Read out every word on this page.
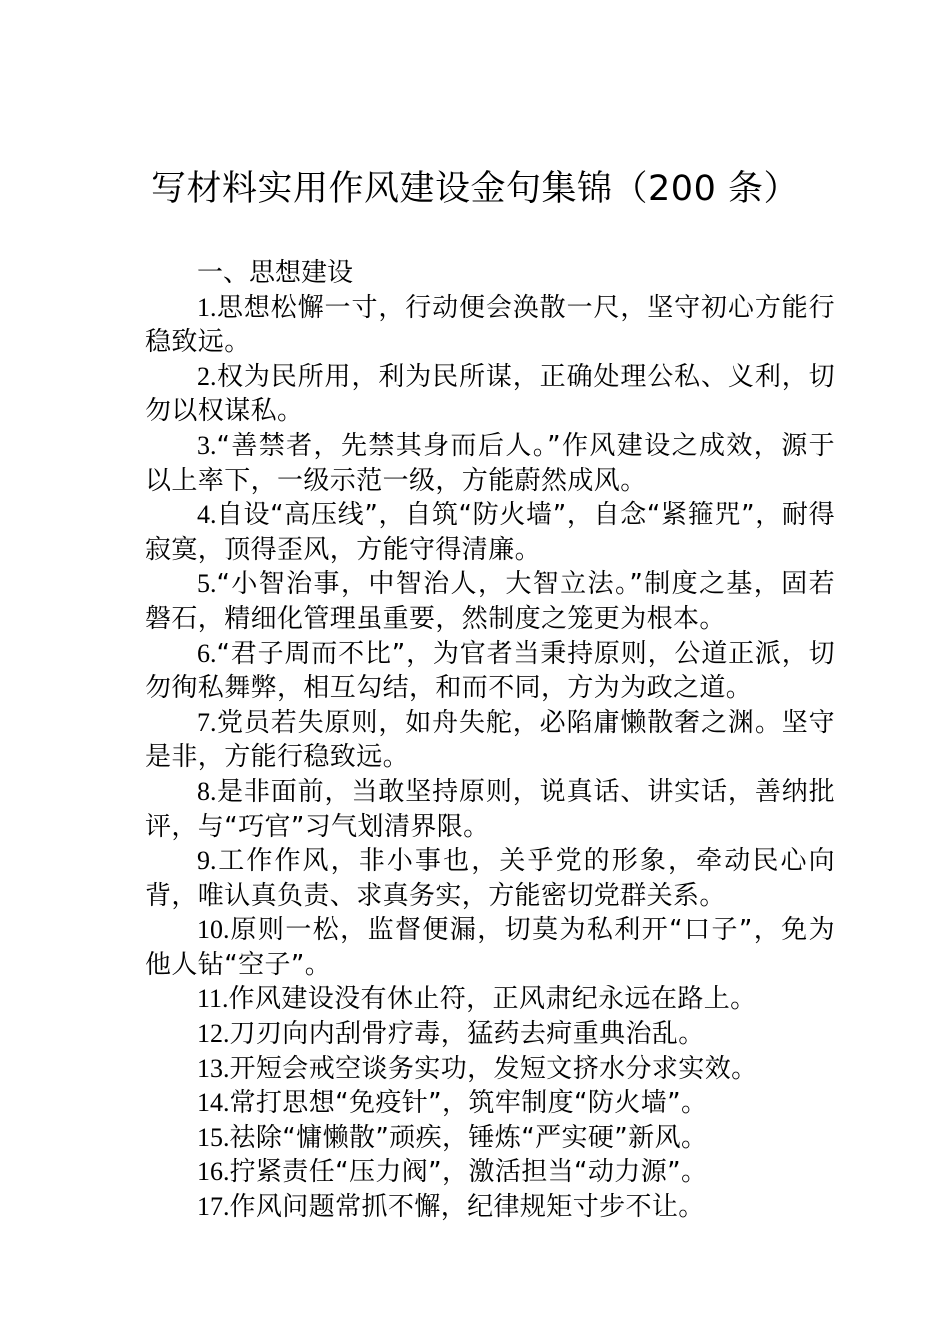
写材料实用作风建设金句集锦（200 条）

一、思想建设

1.思想松懈一寸，行动便会涣散一尺，坚守初心方能行稳致远。

2.权为民所用，利为民所谋，正确处理公私、义利，切勿以权谋私。

3.“善禁者，先禁其身而后人。”作风建设之成效，源于以上率下，一级示范一级，方能蔚然成风。

4.自设“高压线”，自筑“防火墙”，自念“紧箍咒”，耐得寂寞，顶得歪风，方能守得清廉。

5.“小智治事，中智治人，大智立法。”制度之基，固若磐石，精细化管理虽重要，然制度之笼更为根本。

6.“君子周而不比”，为官者当秉持原则，公道正派，切勿徇私舞弊，相互勾结，和而不同，方为为政之道。

7.党员若失原则，如舟失舵，必陷庸懒散奢之渊。坚守是非，方能行稳致远。

8.是非面前，当敢坚持原则，说真话、讲实话，善纳批评，与“巧官”习气划清界限。

9.工作作风，非小事也，关乎党的形象，牵动民心向背，唯认真负责、求真务实，方能密切党群关系。

10.原则一松，监督便漏，切莫为私利开“口子”，免为他人钻“空子”。

11.作风建设没有休止符，正风肃纪永远在路上。

12.刀刃向内刮骨疗毒，猛药去疴重典治乱。

13.开短会戒空谈务实功，发短文挤水分求实效。

14.常打思想“免疫针”，筑牢制度“防火墙”。

15.祛除“慵懒散”顽疾，锤炼“严实硬”新风。

16.拧紧责任“压力阀”，激活担当“动力源”。

17.作风问题常抓不懈，纪律规矩寸步不让。
